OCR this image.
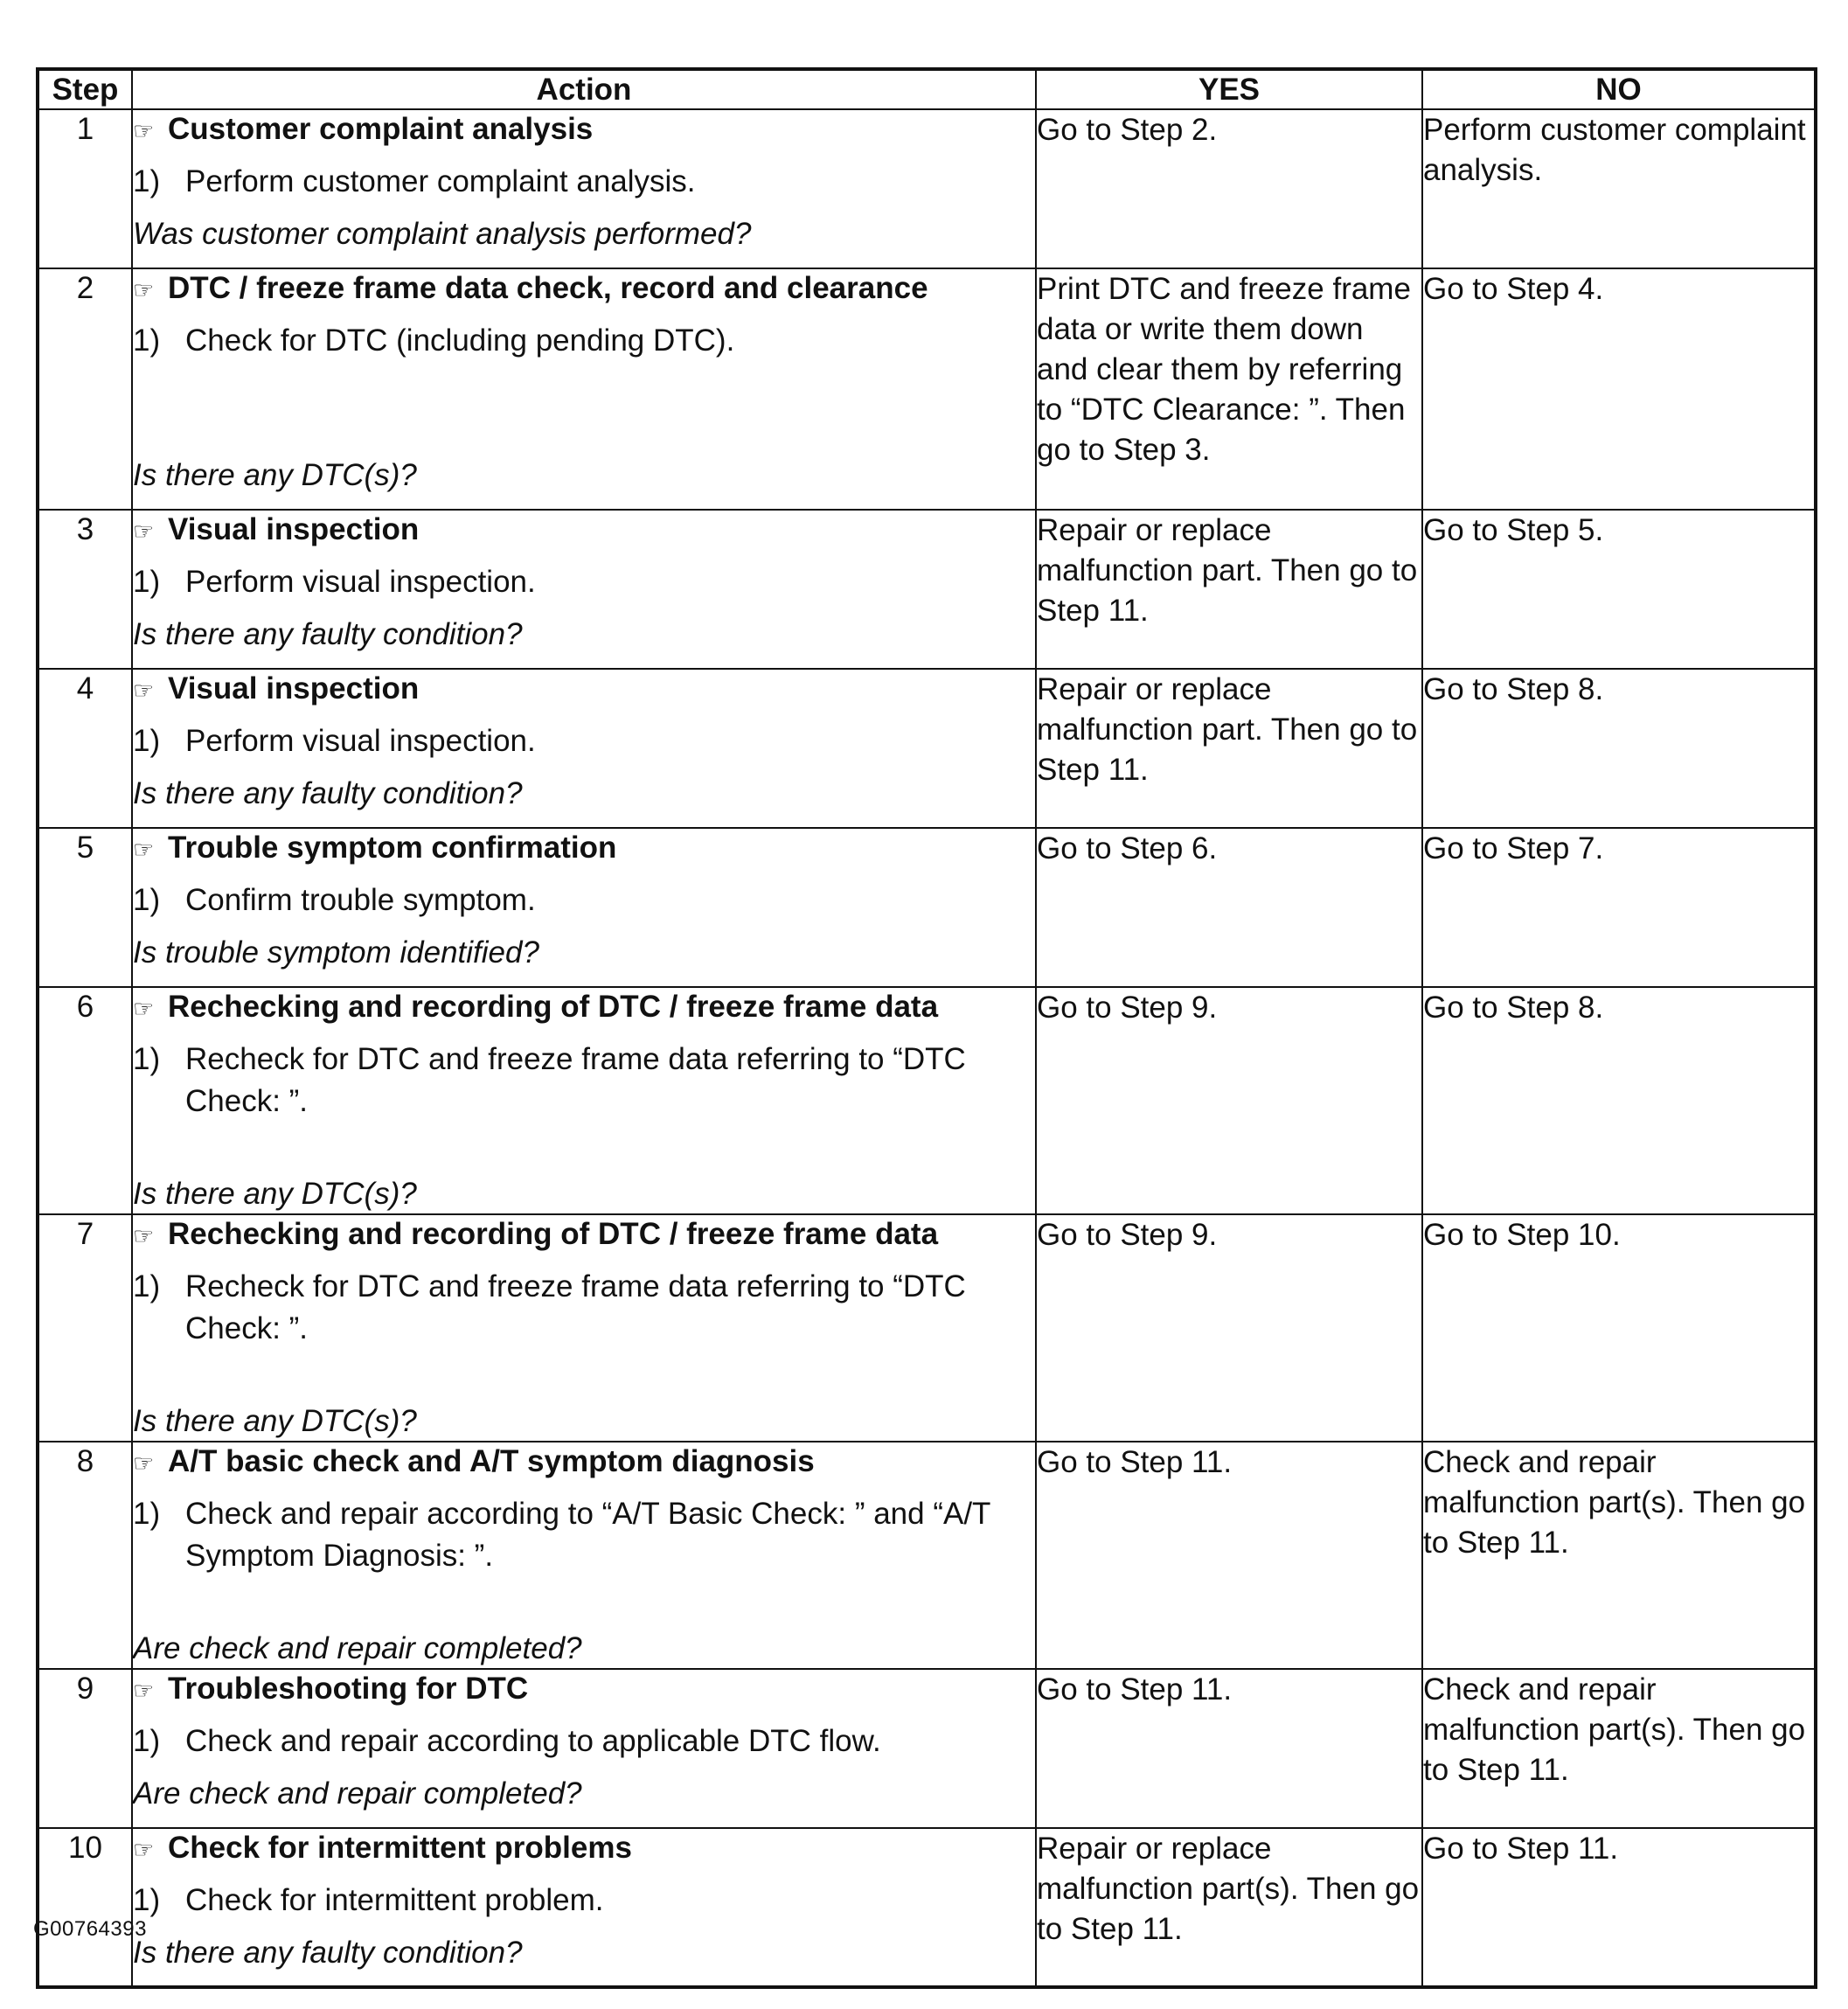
Step	Action	YES	NO
1	☞ Customer complaint analysis
1) Perform customer complaint analysis.
Was customer complaint analysis performed?	Go to Step 2.	Perform customer complaint analysis.
2	☞ DTC / freeze frame data check, record and clearance
1) Check for DTC (including pending DTC).
Is there any DTC(s)?	Print DTC and freeze frame data or write them down and clear them by referring to “DTC Clearance: ”. Then go to Step 3.	Go to Step 4.
3	☞ Visual inspection
1) Perform visual inspection.
Is there any faulty condition?	Repair or replace malfunction part. Then go to Step 11.	Go to Step 5.
4	☞ Visual inspection
1) Perform visual inspection.
Is there any faulty condition?	Repair or replace malfunction part. Then go to Step 11.	Go to Step 8.
5	☞ Trouble symptom confirmation
1) Confirm trouble symptom.
Is trouble symptom identified?	Go to Step 6.	Go to Step 7.
6	☞ Rechecking and recording of DTC / freeze frame data
1) Recheck for DTC and freeze frame data referring to “DTC Check: ”.
Is there any DTC(s)?	Go to Step 9.	Go to Step 8.
7	☞ Rechecking and recording of DTC / freeze frame data
1) Recheck for DTC and freeze frame data referring to “DTC Check: ”.
Is there any DTC(s)?	Go to Step 9.	Go to Step 10.
8	☞ A/T basic check and A/T symptom diagnosis
1) Check and repair according to “A/T Basic Check: ” and “A/T Symptom Diagnosis: ”.
Are check and repair completed?	Go to Step 11.	Check and repair malfunction part(s). Then go to Step 11.
9	☞ Troubleshooting for DTC
1) Check and repair according to applicable DTC flow.
Are check and repair completed?	Go to Step 11.	Check and repair malfunction part(s). Then go to Step 11.
10	☞ Check for intermittent problems
1) Check for intermittent problem.
Is there any faulty condition?	Repair or replace malfunction part(s). Then go to Step 11.	Go to Step 11.
G00764393
